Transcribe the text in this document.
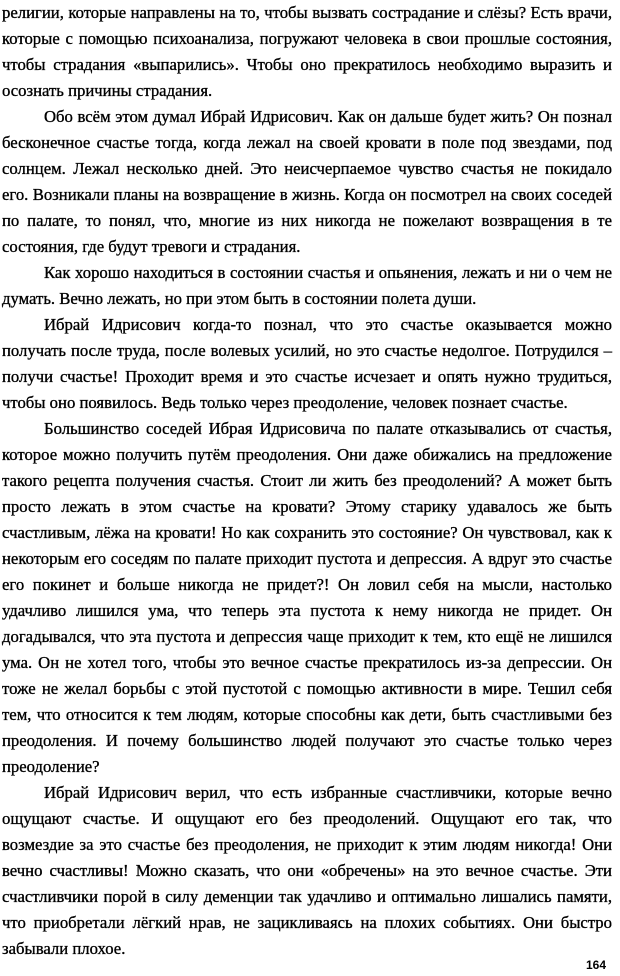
религии, которые направлены на то, чтобы вызвать сострадание и слёзы? Есть врачи, которые с помощью психоанализа, погружают человека в свои прошлые состояния, чтобы страдания «выпарились». Чтобы оно прекратилось необходимо выразить и осознать причины страдания.

Обо всём этом думал Ибрай Идрисович. Как он дальше будет жить? Он познал бесконечное счастье тогда, когда лежал на своей кровати в поле под звездами, под солнцем. Лежал несколько дней. Это неисчерпаемое чувство счастья не покидало его. Возникали планы на возвращение в жизнь. Когда он посмотрел на своих соседей по палате, то понял, что, многие из них никогда не пожелают возвращения в те состояния, где будут тревоги и страдания.

Как хорошо находиться в состоянии счастья и опьянения, лежать и ни о чем не думать. Вечно лежать, но при этом быть в состоянии полета души.

Ибрай Идрисович когда-то познал, что это счастье оказывается можно получать после труда, после волевых усилий, но это счастье недолгое. Потрудился – получи счастье! Проходит время и это счастье исчезает и опять нужно трудиться, чтобы оно появилось. Ведь только через преодоление, человек познает счастье.

Большинство соседей Ибрая Идрисовича по палате отказывались от счастья, которое можно получить путём преодоления. Они даже обижались на предложение такого рецепта получения счастья. Стоит ли жить без преодолений? А может быть просто лежать в этом счастье на кровати? Этому старику удавалось же быть счастливым, лёжа на кровати! Но как сохранить это состояние? Он чувствовал, как к некоторым его соседям по палате приходит пустота и депрессия. А вдруг это счастье его покинет и больше никогда не придет?! Он ловил себя на мысли, настолько удачливо лишился ума, что теперь эта пустота к нему никогда не придет. Он догадывался, что эта пустота и депрессия чаще приходит к тем, кто ещё не лишился ума. Он не хотел того, чтобы это вечное счастье прекратилось из-за депрессии. Он тоже не желал борьбы с этой пустотой с помощью активности в мире. Тешил себя тем, что относится к тем людям, которые способны как дети, быть счастливыми без преодоления. И почему большинство людей получают это счастье только через преодоление?

Ибрай Идрисович верил, что есть избранные счастливчики, которые вечно ощущают счастье. И ощущают его без преодолений. Ощущают его так, что возмездие за это счастье без преодоления, не приходит к этим людям никогда! Они вечно счастливы! Можно сказать, что они «обречены» на это вечное счастье. Эти счастливчики порой в силу деменции так удачливо и оптимально лишались памяти, что приобретали лёгкий нрав, не зацикливаясь на плохих событиях. Они быстро забывали плохое.

164
